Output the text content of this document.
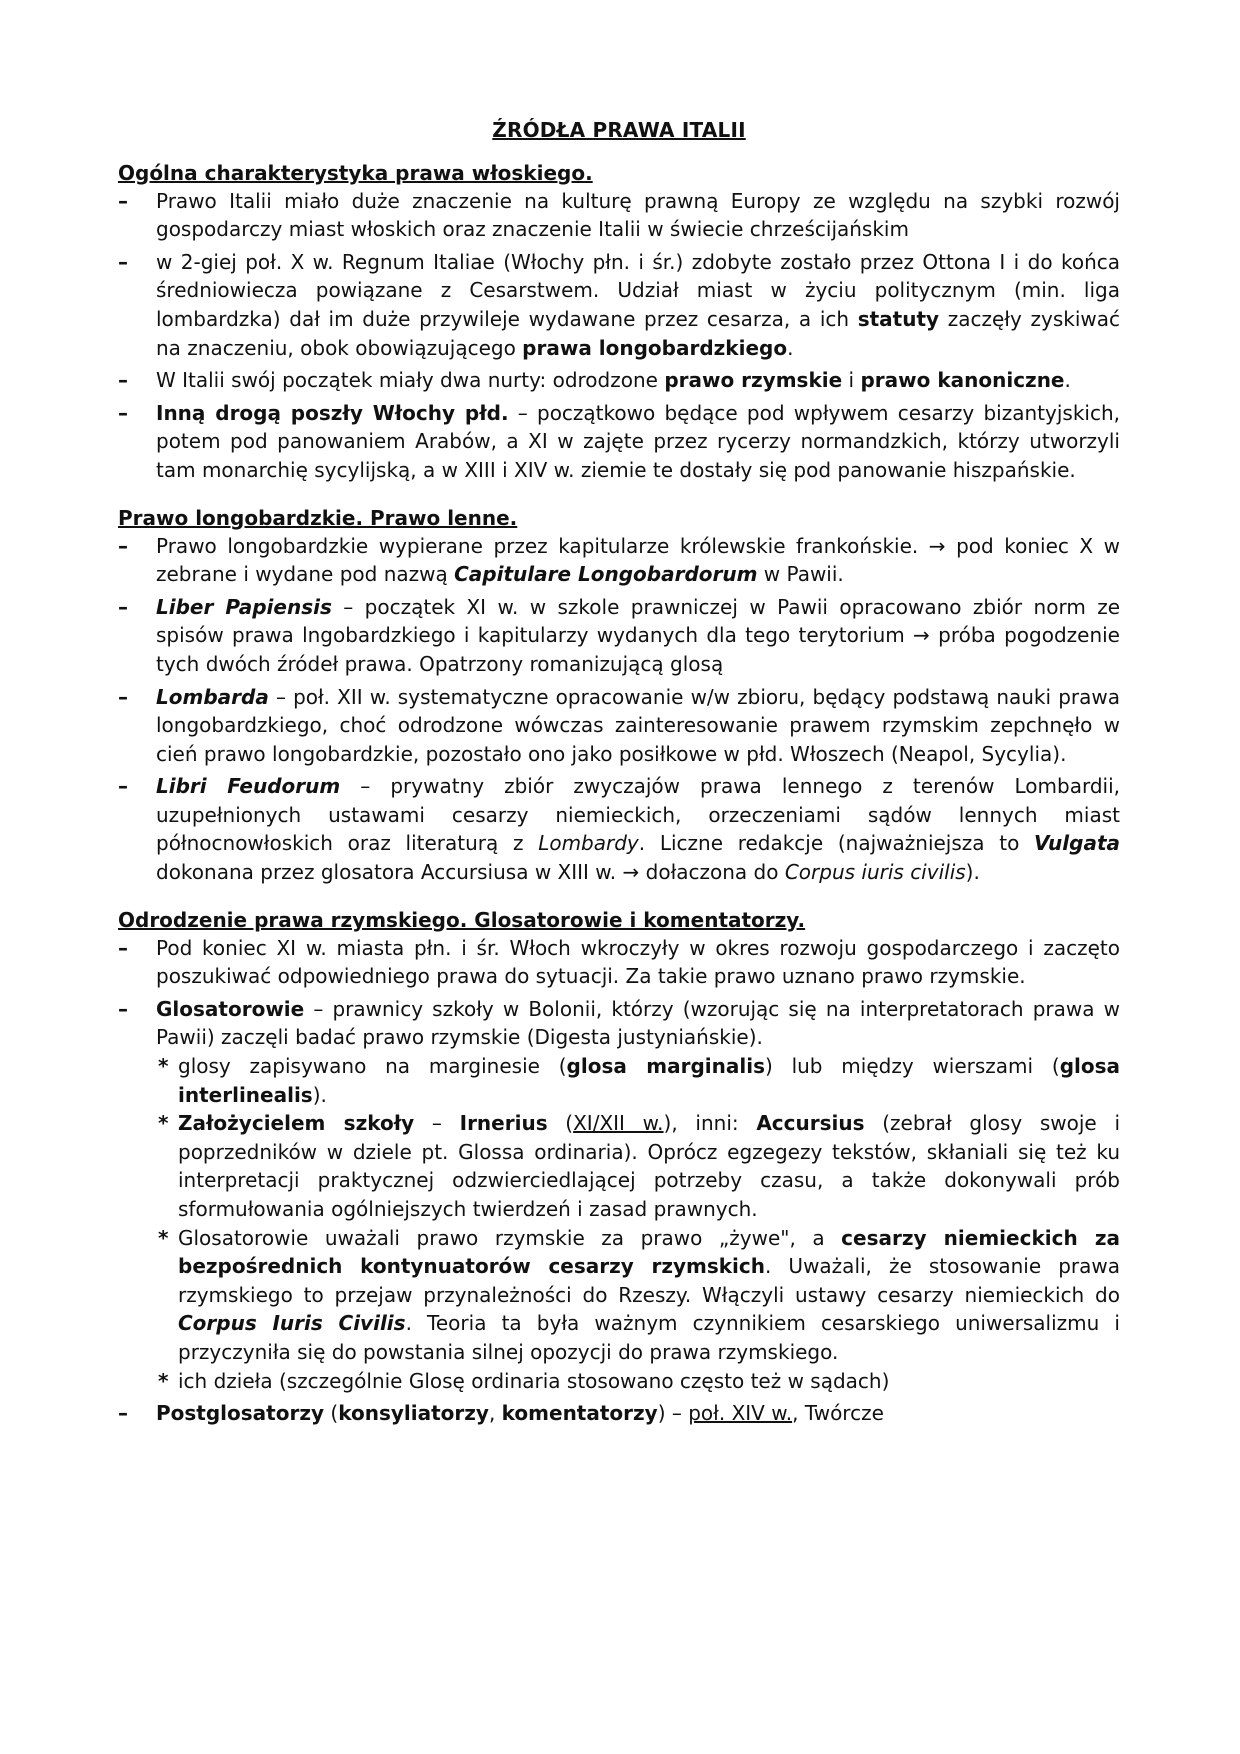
ŹRÓDŁA PRAWA ITALII
Ogólna charakterystyka prawa włoskiego.
– Prawo Italii miało duże znaczenie na kulturę prawną Europy ze względu na szybki rozwój gospodarczy miast włoskich oraz znaczenie Italii w świecie chrześcijańskim
– w 2-giej poł. X w. Regnum Italiae (Włochy płn. i śr.) zdobyte zostało przez Ottona I i do końca średniowiecza powiązane z Cesarstwem. Udział miast w życiu politycznym (min. liga lombardzka) dał im duże przywileje wydawane przez cesarza, a ich statuty zaczęły zyskiwać na znaczeniu, obok obowiązującego prawa longobardzkiego.
– W Italii swój początek miały dwa nurty: odrodzone prawo rzymskie i prawo kanoniczne.
– Inną drogą poszły Włochy płd. – początkowo będące pod wpływem cesarzy bizantyjskich, potem pod panowaniem Arabów, a XI w zajęte przez rycerzy normandzkich, którzy utworzyli tam monarchię sycylijską, a w XIII i XIV w. ziemie te dostały się pod panowanie hiszpańskie.
Prawo longobardzkie. Prawo lenne.
– Prawo longobardzkie wypierane przez kapitularze królewskie frankońskie. → pod koniec X w zebrane i wydane pod nazwą Capitulare Longobardorum w Pawii.
– Liber Papiensis – początek XI w. w szkole prawniczej w Pawii opracowano zbiór norm ze spisów prawa lngobardzkiego i kapitularzy wydanych dla tego terytorium → próba pogodzenie tych dwóch źródeł prawa. Opatrzony romanizującą glosą
– Lombarda – poł. XII w. systematyczne opracowanie w/w zbioru, będący podstawą nauki prawa longobardzkiego, choć odrodzone wówczas zainteresowanie prawem rzymskim zepchnęło w cień prawo longobardzkie, pozostało ono jako posiłkowe w płd. Włoszech (Neapol, Sycylia).
– Libri Feudorum – prywatny zbiór zwyczajów prawa lennego z terenów Lombardii, uzupełnionych ustawami cesarzy niemieckich, orzeczeniami sądów lennych miast północnowłoskich oraz literaturą z Lombardy. Liczne redakcje (najważniejsza to Vulgata dokonana przez glosatora Accursiusa w XIII w. → dołaczona do Corpus iuris civilis).
Odrodzenie prawa rzymskiego. Glosatorowie i komentatorzy.
– Pod koniec XI w. miasta płn. i śr. Włoch wkroczyły w okres rozwoju gospodarczego i zaczęto poszukiwać odpowiedniego prawa do sytuacji. Za takie prawo uznano prawo rzymskie.
– Glosatorowie – prawnicy szkoły w Bolonii, którzy (wzorując się na interpretatorach prawa w Pawii) zaczęli badać prawo rzymskie (Digesta justyniańskie).
* glosy zapisywano na marginesie (glosa marginalis) lub między wierszami (glosa interlinealis).
* Założycielem szkoły – Irnerius (XI/XII w.), inni: Accursius (zebrał glosy swoje i poprzedników w dziele pt. Glossa ordinaria). Oprócz egzegezy tekstów, skłaniali się też ku interpretacji praktycznej odzwierciedlającej potrzeby czasu, a także dokonywali prób sformułowania ogólniejszych twierdzeń i zasad prawnych.
* Glosatorowie uważali prawo rzymskie za prawo „żywe", a cesarzy niemieckich za bezpośrednich kontynuatorów cesarzy rzymskich. Uważali, że stosowanie prawa rzymskiego to przejaw przynależności do Rzeszy. Włączyli ustawy cesarzy niemieckich do Corpus Iuris Civilis. Teoria ta była ważnym czynnikiem cesarskiego uniwersalizmu i przyczyniła się do powstania silnej opozycji do prawa rzymskiego.
* ich dzieła (szczególnie Glosę ordinaria stosowano często też w sądach)
– Postglosatorzy (konsyliatorzy, komentatorzy) – poł. XIV w., Twórcze
